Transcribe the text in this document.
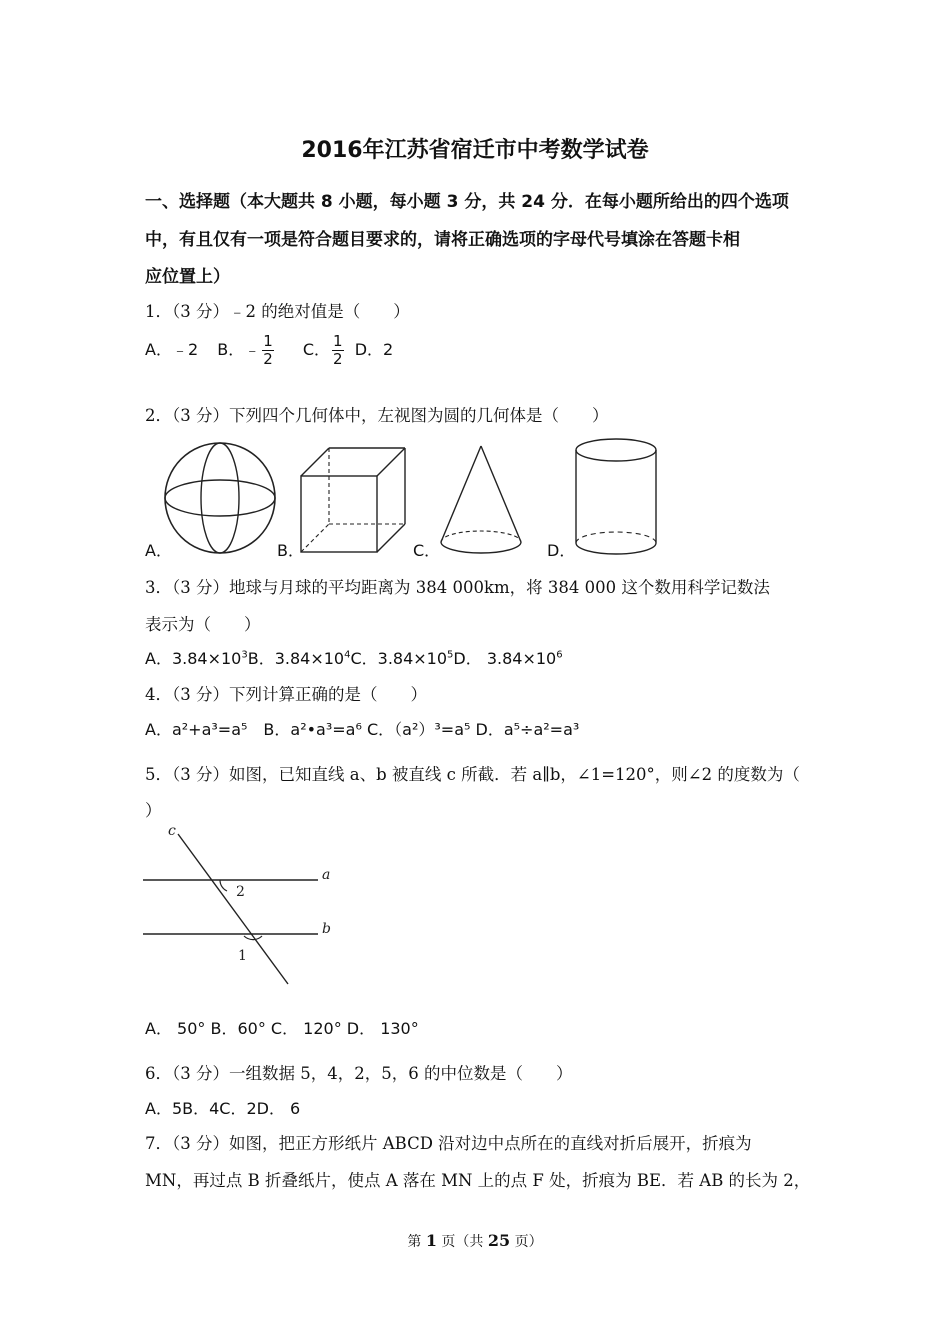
2016年江苏省宿迁市中考数学试卷
一、选择题（本大题共 8 小题，每小题 3 分，共 24 分．在每小题所给出的四个选项
中，有且仅有一项是符合题目要求的，请将正确选项的字母代号填涂在答题卡相
应位置上）
1．（3 分）﹣2 的绝对值是（　　）
A．﹣2 B．﹣ $\frac{1}{2}$ C． $\frac{1}{2}$ D．2
2．（3 分）下列四个几何体中，左视图为圆的几何体是（　　）
A．	B．	C．	D．
3．（3 分）地球与月球的平均距离为 384 000km，将 384 000 这个数用科学记数法
表示为（　　）
A．$3.84\times 10^3B$．$3.84\times 10^4C$．$3.84\times 10^5D$． $3.84\times 10^6$
4．（3 分）下列计算正确的是（　　）
A．a²+a³=a⁵　B．a²•a³=a⁶ C．（a²）³=a⁵ D．a⁵÷a²=a³
5．（3 分）如图，已知直线 a、b 被直线 c 所截．若 a∥b，∠1=120°，则∠2 的度数为（
）
c
a
b
2
1
A． 50° B．60° C． 120° D． 130°
6．（3 分）一组数据 5，4，2，5，6 的中位数是（　　）
A．5B．4C．2D． 6
7．（3 分）如图，把正方形纸片 ABCD 沿对边中点所在的直线对折后展开，折痕为
MN，再过点 B 折叠纸片，使点 A 落在 MN 上的点 F 处，折痕为 BE．若 AB 的长为 2，
第 1 页（共 25 页）
